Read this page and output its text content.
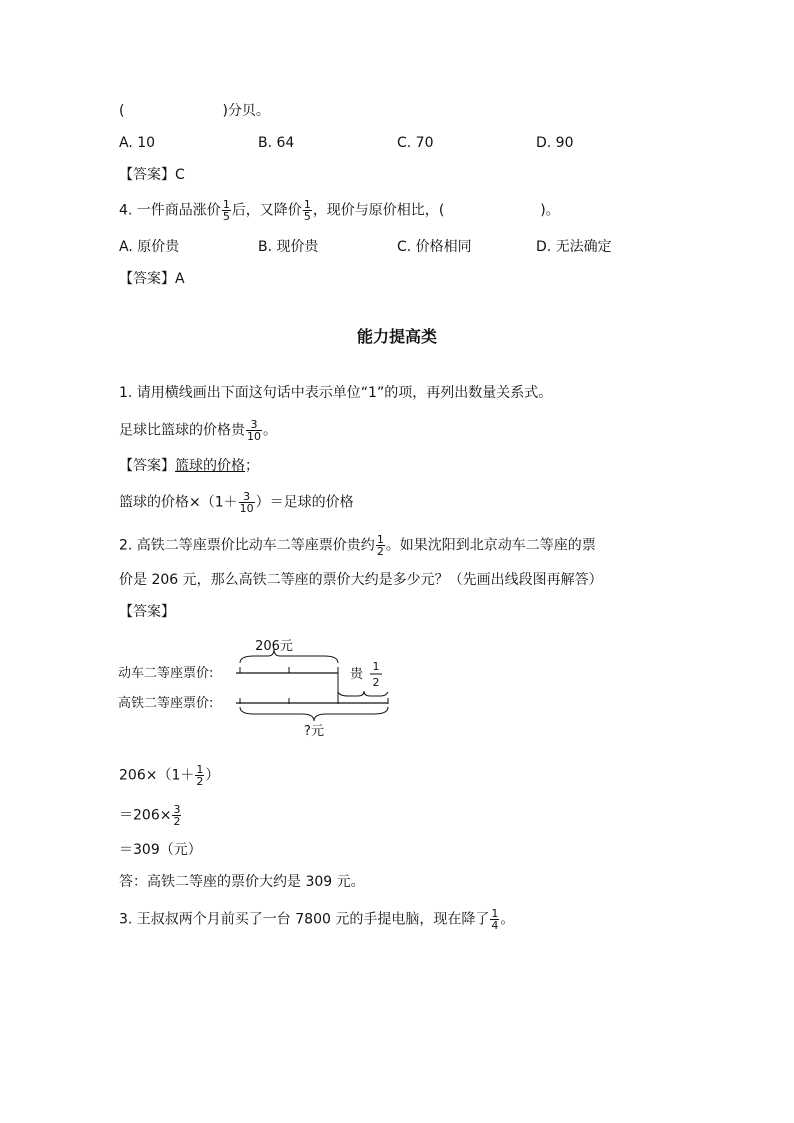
(	)分贝。
A. 10	B. 64	C. 70	D. 90
【答案】C
4. 一件商品涨价 $\frac{1}{5}$ 后，又降价 $\frac{1}{5}$ ，现价与原价相比，(	)。
A. 原价贵	B. 现价贵	C. 价格相同	D. 无法确定
【答案】A
能力提高类
1. 请用横线画出下面这句话中表示单位“1”的项，再列出数量关系式。
足球比篮球的价格贵 $\frac{3}{10}$ 。
【答案】篮球的价格；
篮球的价格$\times(1+ \frac{3}{10}$ ）＝足球的价格
2. 高铁二等座票价比动车二等座票价贵约 $\frac{1}{2}$ 。如果沈阳到北京动车二等座的票
价是 206 元，那么高铁二等座的票价大约是多少元？（先画出线段图再解答）
【答案】
206元
动车二等座票价:	贵
1
2
高铁二等座票价:
?元
$206\times(1+ \frac{1}{2}$ ）
$=206\times \frac{3}{2}$
＝309（元）
答：高铁二等座的票价大约是 309 元。
3. 王叔叔两个月前买了一台 7800 元的手提电脑，现在降了 $\frac{1}{4}$ 。
